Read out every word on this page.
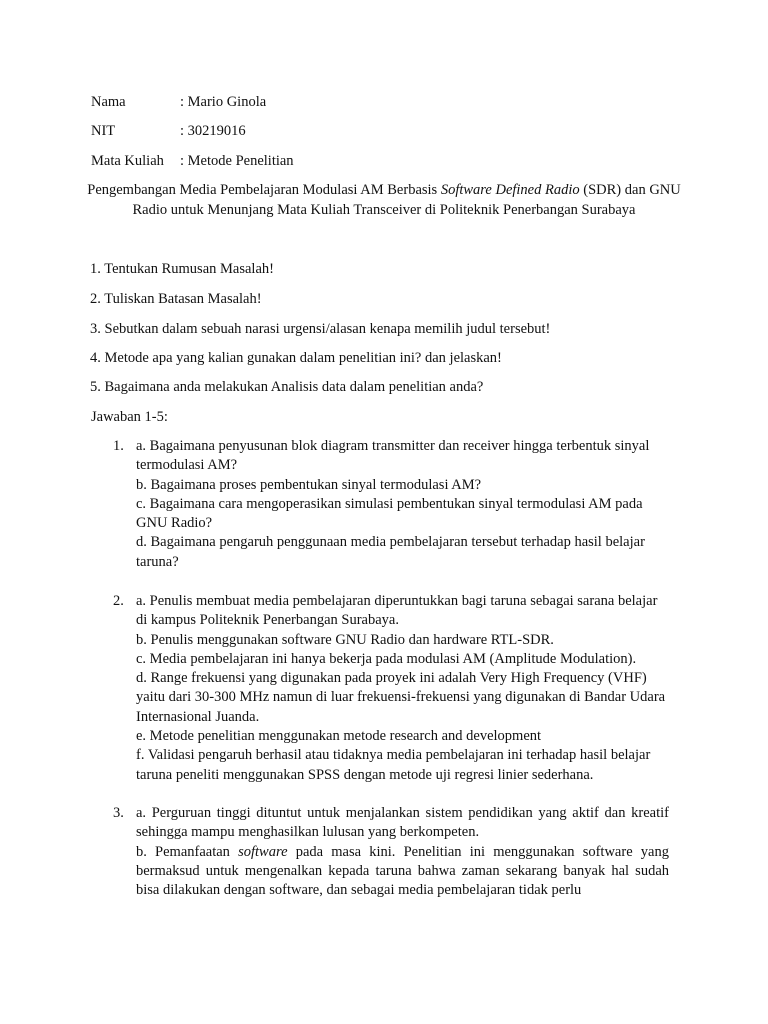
Nama	: Mario Ginola
NIT	: 30219016
Mata Kuliah : Metode Penelitian
Pengembangan Media Pembelajaran Modulasi AM Berbasis Software Defined Radio (SDR) dan GNU Radio untuk Menunjang Mata Kuliah Transceiver di Politeknik Penerbangan Surabaya
1. Tentukan Rumusan Masalah!
2. Tuliskan Batasan Masalah!
3. Sebutkan dalam sebuah narasi urgensi/alasan kenapa memilih judul tersebut!
4. Metode apa yang kalian gunakan dalam penelitian ini? dan jelaskan!
5. Bagaimana anda melakukan Analisis data dalam penelitian anda?
Jawaban 1-5:
1. a. Bagaimana penyusunan blok diagram transmitter dan receiver hingga terbentuk sinyal termodulasi AM?
b. Bagaimana proses pembentukan sinyal termodulasi AM?
c. Bagaimana cara mengoperasikan simulasi pembentukan sinyal termodulasi AM pada GNU Radio?
d. Bagaimana pengaruh penggunaan media pembelajaran tersebut terhadap hasil belajar taruna?
2. a. Penulis membuat media pembelajaran diperuntukkan bagi taruna sebagai sarana belajar di kampus Politeknik Penerbangan Surabaya.
b. Penulis menggunakan software GNU Radio dan hardware RTL-SDR.
c. Media pembelajaran ini hanya bekerja pada modulasi AM (Amplitude Modulation).
d. Range frekuensi yang digunakan pada proyek ini adalah Very High Frequency (VHF) yaitu dari 30-300 MHz namun di luar frekuensi-frekuensi yang digunakan di Bandar Udara Internasional Juanda.
e. Metode penelitian menggunakan metode research and development
f. Validasi pengaruh berhasil atau tidaknya media pembelajaran ini terhadap hasil belajar taruna peneliti menggunakan SPSS dengan metode uji regresi linier sederhana.
3. a. Perguruan tinggi dituntut untuk menjalankan sistem pendidikan yang aktif dan kreatif sehingga mampu menghasilkan lulusan yang berkompeten.
b. Pemanfaatan software pada masa kini. Penelitian ini menggunakan software yang bermaksud untuk mengenalkan kepada taruna bahwa zaman sekarang banyak hal sudah bisa dilakukan dengan software, dan sebagai media pembelajaran tidak perlu
